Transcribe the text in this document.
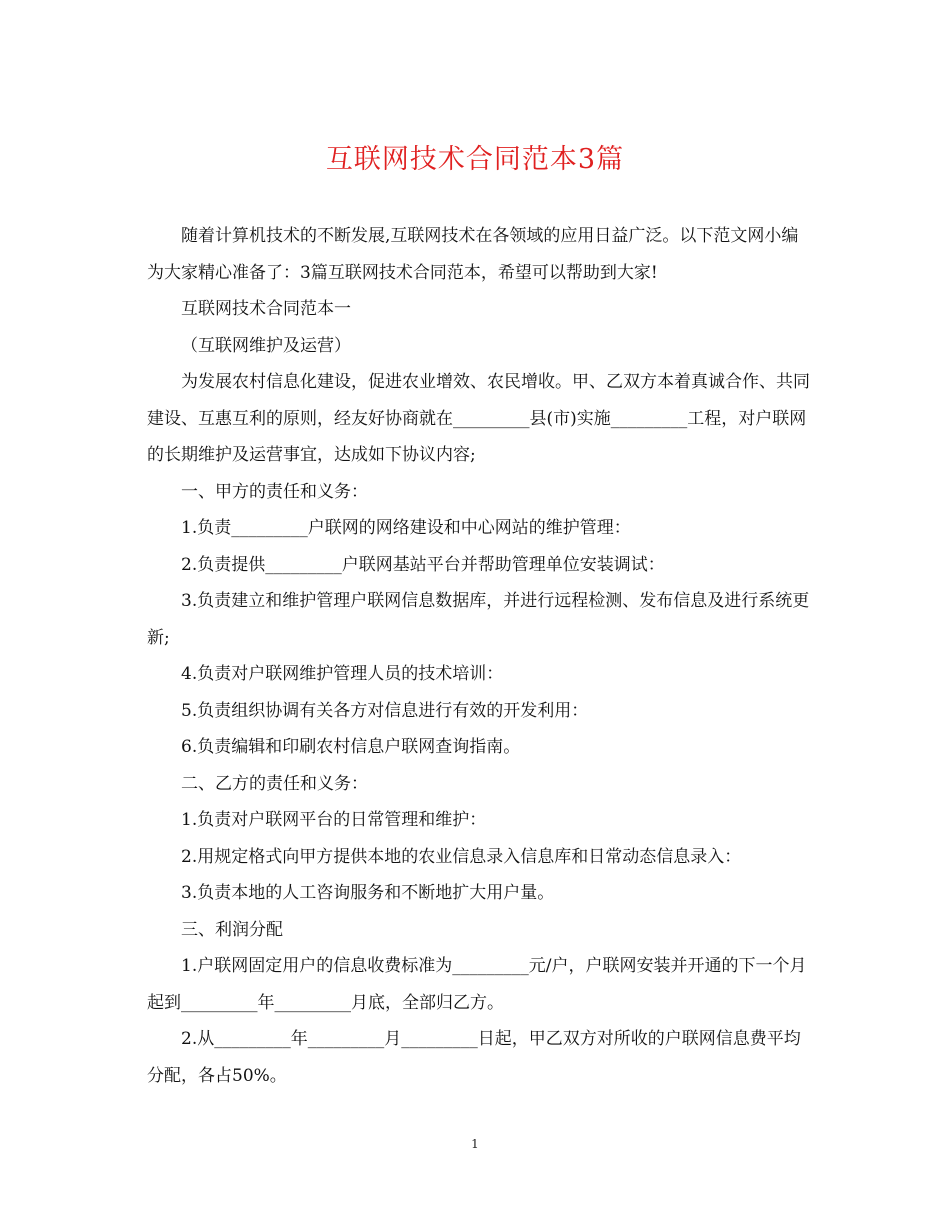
互联网技术合同范本3篇

随着计算机技术的不断发展,互联网技术在各领域的应用日益广泛。以下范文网小编为大家精心准备了：3篇互联网技术合同范本，希望可以帮助到大家!

互联网技术合同范本一

（互联网维护及运营）

为发展农村信息化建设，促进农业增效、农民增收。甲、乙双方本着真诚合作、共同建设、互惠互利的原则，经友好协商就在_________县(市)实施_________工程，对户联网的长期维护及运营事宜，达成如下协议内容;

一、甲方的责任和义务：

1.负责_________户联网的网络建设和中心网站的维护管理：

2.负责提供_________户联网基站平台并帮助管理单位安装调试：

3.负责建立和维护管理户联网信息数据库，并进行远程检测、发布信息及进行系统更新;

4.负责对户联网维护管理人员的技术培训：

5.负责组织协调有关各方对信息进行有效的开发利用：

6.负责编辑和印刷农村信息户联网查询指南。

二、乙方的责任和义务：

1.负责对户联网平台的日常管理和维护：

2.用规定格式向甲方提供本地的农业信息录入信息库和日常动态信息录入：

3.负责本地的人工咨询服务和不断地扩大用户量。

三、利润分配

1.户联网固定用户的信息收费标准为_________元/户，户联网安装并开通的下一个月起到_________年_________月底，全部归乙方。

2.从_________年_________月_________日起，甲乙双方对所收的户联网信息费平均分配，各占50%。

1
